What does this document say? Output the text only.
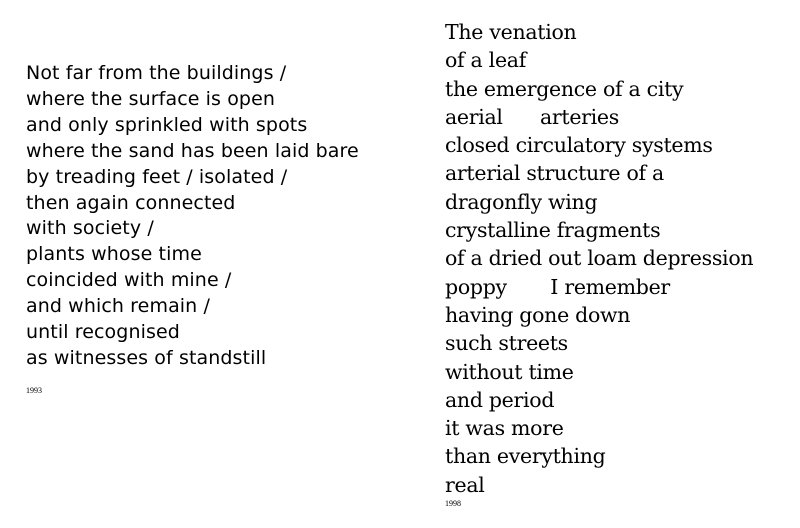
Not far from the buildings /
where the surface is open
and only sprinkled with spots
where the sand has been laid bare
by treading feet / isolated /
then again connected
with society /
plants whose time
coincided with mine /
and which remain /
until recognised
as witnesses of standstill
1993
The venation
of a leaf
the emergence of a city
aerial      arteries
closed circulatory systems
arterial structure of a
dragonfly wing
crystalline fragments
of a dried out loam depression
poppy       I remember
having gone down
such streets
without time
and period
it was more
than everything
real
1998
